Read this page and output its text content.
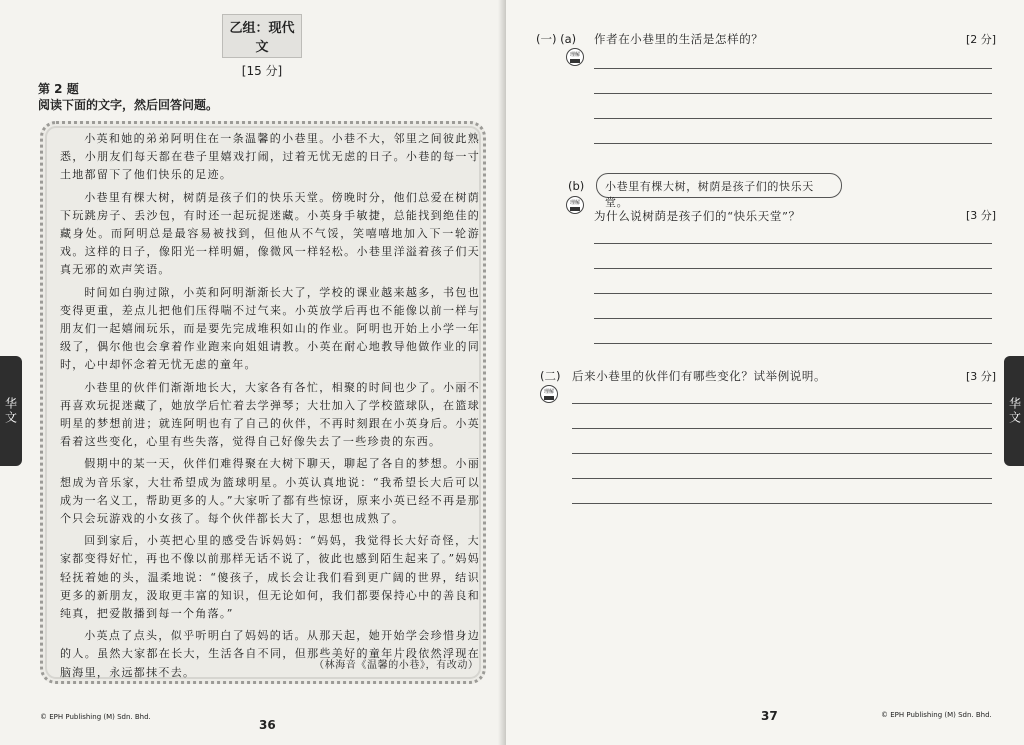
乙组：现代文
[15 分]
第 2 题
阅读下面的文字，然后回答问题。

小英和她的弟弟阿明住在一条温馨的小巷里。小巷不大，邻里之间彼此熟悉，小朋友们每天都在巷子里嬉戏打闹，过着无忧无虑的日子。小巷的每一寸土地都留下了他们快乐的足迹。

小巷里有棵大树，树荫是孩子们的快乐天堂。傍晚时分，他们总爱在树荫下玩跳房子、丢沙包，有时还一起玩捉迷藏。小英身手敏捷，总能找到绝佳的藏身处。而阿明总是最容易被找到，但他从不气馁，笑嘻嘻地加入下一轮游戏。这样的日子，像阳光一样明媚，像微风一样轻松。小巷里洋溢着孩子们天真无邪的欢声笑语。

时间如白驹过隙，小英和阿明渐渐长大了，学校的课业越来越多，书包也变得更重，差点儿把他们压得喘不过气来。小英放学后再也不能像以前一样与朋友们一起嬉闹玩乐，而是要先完成堆积如山的作业。阿明也开始上小学一年级了，偶尔他也会拿着作业跑来向姐姐请教。小英在耐心地教导他做作业的同时，心中却怀念着无忧无虑的童年。

小巷里的伙伴们渐渐地长大，大家各有各忙，相聚的时间也少了。小丽不再喜欢玩捉迷藏了，她放学后忙着去学弹琴；大壮加入了学校篮球队，在篮球明星的梦想前进；就连阿明也有了自己的伙伴，不再时刻跟在小英身后。小英看着这些变化，心里有些失落，觉得自己好像失去了一些珍贵的东西。

假期中的某一天，伙伴们难得聚在大树下聊天，聊起了各自的梦想。小丽想成为音乐家，大壮希望成为篮球明星。小英认真地说：“我希望长大后可以成为一名义工，帮助更多的人。”大家听了都有些惊讶，原来小英已经不再是那个只会玩游戏的小女孩了。每个伙伴都长大了，思想也成熟了。

回到家后，小英把心里的感受告诉妈妈：“妈妈，我觉得长大好奇怪，大家都变得好忙，再也不像以前那样无话不说了，彼此也感到陌生起来了。”妈妈轻抚着她的头，温柔地说：“傻孩子，成长会让我们看到更广阔的世界，结识更多的新朋友，汲取更丰富的知识，但无论如何，我们都要保持心中的善良和纯真，把爱散播到每一个角落。”

小英点了点头，似乎听明白了妈妈的话。从那天起，她开始学会珍惜身边的人。虽然大家都在长大，生活各自不同，但那些美好的童年片段依然浮现在脑海里，永远都抹不去。

（林海音《温馨的小巷》，有改动）
© EPH Publishing (M) Sdn. Bhd.
36
华文
(一) (a) 作者在小巷里的生活是怎样的？	[2 分]
理解
(b)	小巷里有棵大树，树荫是孩子们的快乐天堂。
理解
为什么说树荫是孩子们的“快乐天堂”？	[3 分]
(二) 后来小巷里的伙伴们有哪些变化？试举例说明。	[3 分]
理解
华文
37	© EPH Publishing (M) Sdn. Bhd.
